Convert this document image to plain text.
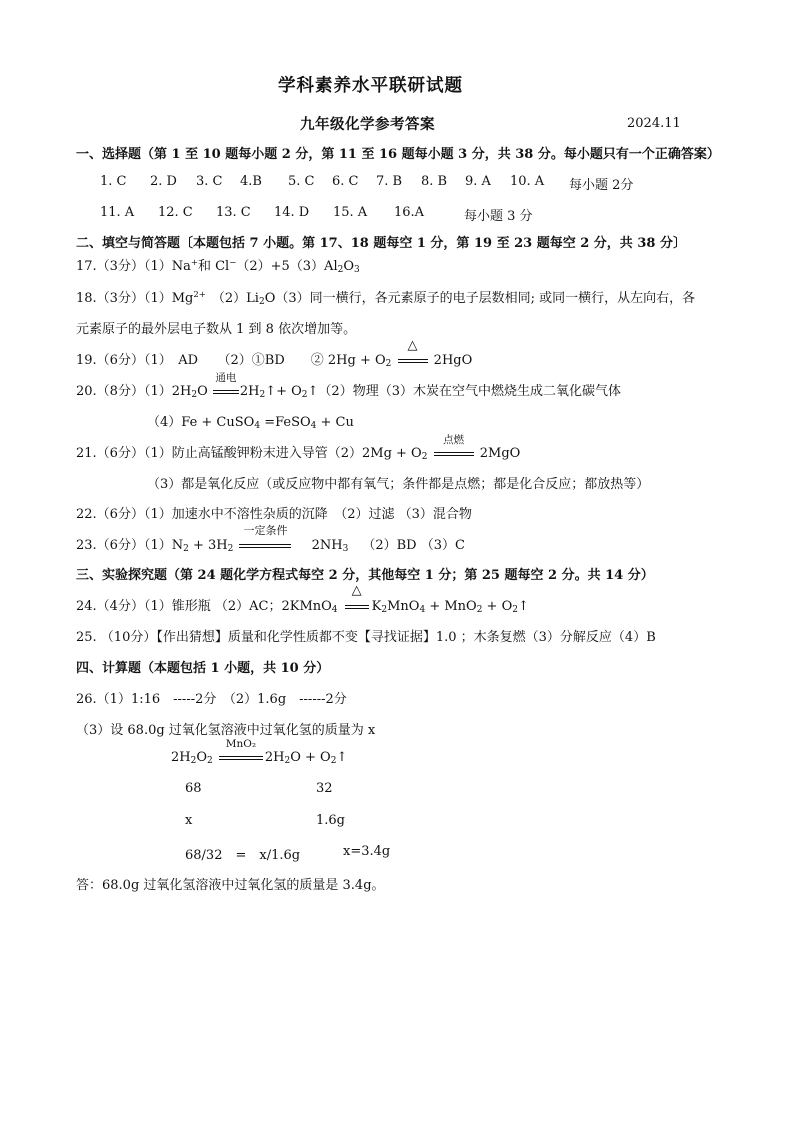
学科素养水平联研试题
九年级化学参考答案	2024.11
一、选择题（第 1 至 10 题每小题 2 分，第 11 至 16 题每小题 3 分，共 38 分。每小题只有一个正确答案）
1. C 2. D 3. C 4.B 5. C 6. C 7. B 8. B 9. A 10. A 每小题 2分
11. A 12. C 13. C 14. D 15. A 16.A	每小题 3 分
二、填空与简答题〔本题包括 7 小题。第 17、18 题每空 1 分，第 19 至 23 题每空 2 分，共 38 分〕
17.（3分）（1）Na+和 $Cl^-(2)+5(3)Al_2O_3$
18.（3分）$(1)Mg^{2+}$ $(2)Li_2O(3)$同一横行，各元素原子的电子层数相同; 或同一横行，从左向右，各
元素原子的最外层电子数从 1 到 8 依次增加等。
19.（6分）（1）　AD　　（2）①BD　　② $2Hg + O_2$
△
2HgO
20.（8分）$(1)2H_2O$
通电
$2H_2↑+$ $O_2↑(2)$物理（3）木炭在空气中燃烧生成二氧化碳气体
（4）Fe + CuSO$_4$ =FeSO$_4$ + Cu
21.（6分）（1）防止高锰酸钾粉末进入导管$(2)2Mg + O_2$
点燃
2MgO
（3）都是氧化反应（或反应物中都有氧气；条件都是点燃；都是化合反应；都放热等）
22.（6分）（1）加速水中不溶性杂质的沉降　（2）过滤 （3）混合物
23.（6分）$(1)N_2 + 3H_2$
一定条件
$2NH_3$ （2）BD （3）C
三、实验探究题（第 24 题化学方程式每空 2 分，其他每空 1 分；第 25 题每空 2 分。共 14 分）
24.（4分）（1）锥形瓶 （2）AC；2KMnO$_4$
△
$K_2MnO_4 + MnO_2$ + $O_2↑$
25. （10分）【作出猜想】质量和化学性质都不变【寻找证据】1.0 ；木条复燃（3）分解反应（4）B
四、计算题（本题包括 1 小题，共 10 分）
26.（1）1:16　-----2分　（2）1.6g　------2分
（3）设 68.0g 过氧化氢溶液中过氧化氢的质量为 x
$2H_2O_2$
MnO₂
$2H_2O$ + $O_2↑$
68	32
x	1.6g
68/32　=　x/1.6g	x=3.4g
答：68.0g 过氧化氢溶液中过氧化氢的质量是 3.4g。
